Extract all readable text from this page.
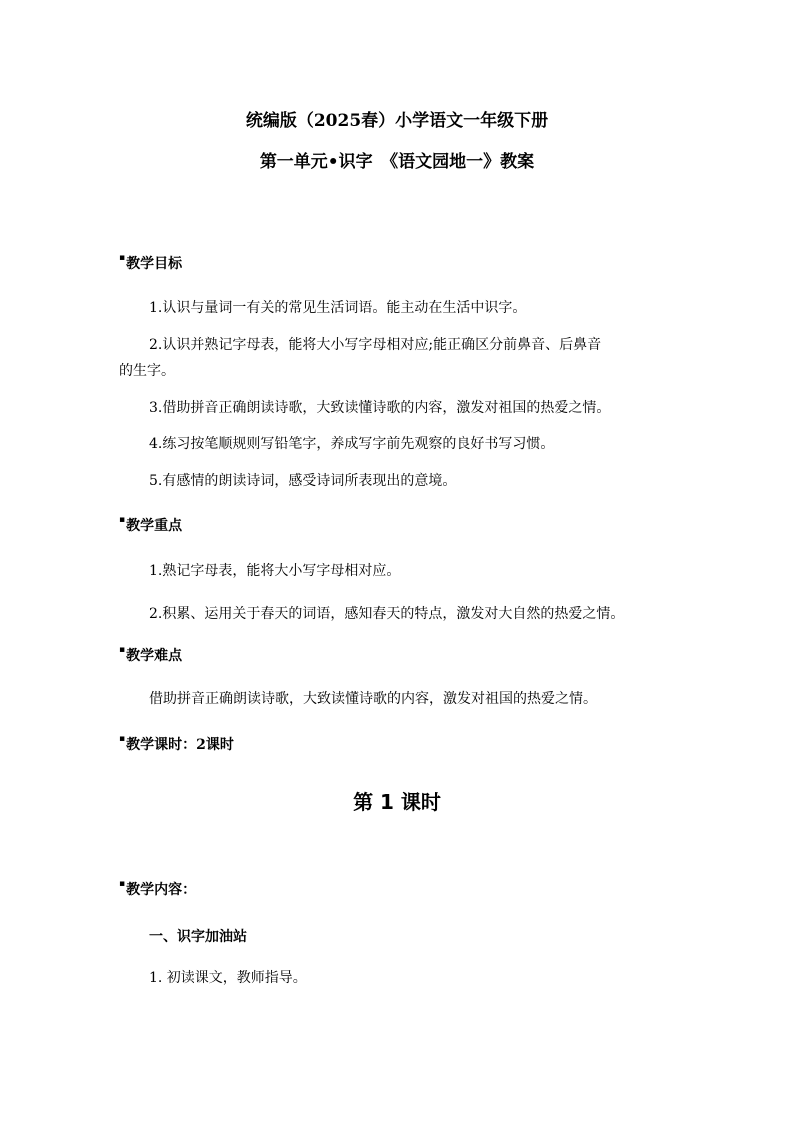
统编版（2025春）小学语文一年级下册
第一单元•识字　《语文园地一》教案
▪教学目标
1.认识与量词一有关的常见生活词语。能主动在生活中识字。
2.认识并熟记字母表，能将大小写字母相对应;能正确区分前鼻音、后鼻音
的生字。
3.借助拼音正确朗读诗歌，大致读懂诗歌的内容，激发对祖国的热爱之情。
4.练习按笔顺规则写铅笔字，养成写字前先观察的良好书写习惯。
5.有感情的朗读诗词，感受诗词所表现出的意境。
▪教学重点
1.熟记字母表，能将大小写字母相对应。
2.积累、运用关于春天的词语，感知春天的特点，激发对大自然的热爱之情。
▪教学难点
借助拼音正确朗读诗歌，大致读懂诗歌的内容，激发对祖国的热爱之情。
▪教学课时：2课时
第 1 课时
▪教学内容：
一、识字加油站
1. 初读课文，教师指导。
